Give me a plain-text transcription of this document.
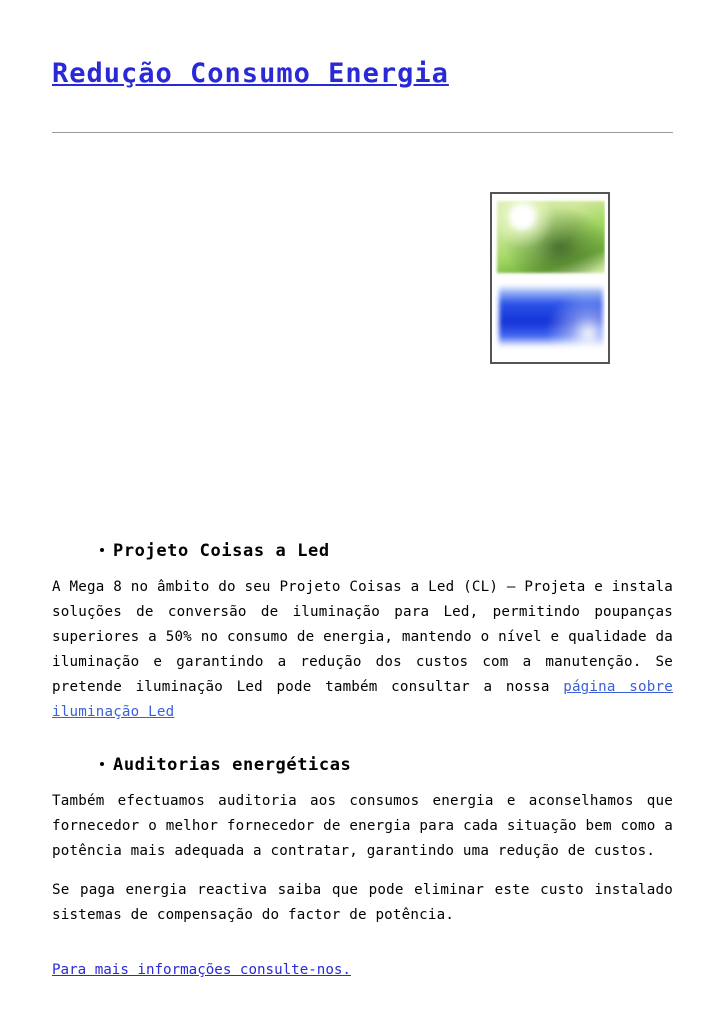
Redução Consumo Energia
Projeto Coisas a Led

A Mega 8 no âmbito do seu Projeto Coisas a Led (CL) — Projeta e instala soluções de conversão de iluminação para Led, permitindo poupanças superiores a 50% no consumo de energia, mantendo o nível e qualidade da iluminação e garantindo a redução dos custos com a manutenção. Se pretende iluminação Led pode também consultar a nossa página sobre iluminação Led

Auditorias energéticas

Também efectuamos auditoria aos consumos energia e aconselhamos que fornecedor o melhor fornecedor de energia para cada situação bem como a potência mais adequada a contratar, garantindo uma redução de custos.

Se paga energia reactiva saiba que pode eliminar este custo instalado sistemas de compensação do factor de potência.

Para mais informações consulte-nos.
